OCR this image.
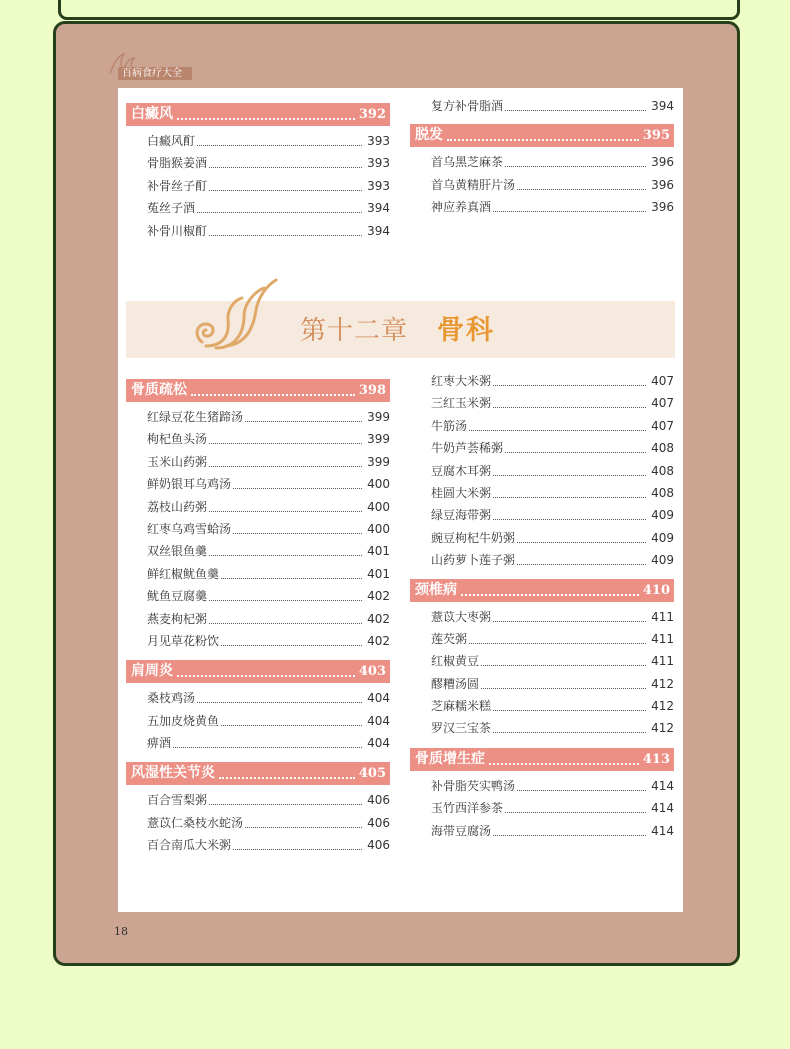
百病食疗大全
第十二章 骨科
白癜风	392
白癜风酊	393
骨脂猴姜酒	393
补骨丝子酊	393
菟丝子酒	394
补骨川椒酊	394
复方补骨脂酒	394
脱发	395
首乌黑芝麻茶	396
首乌黄精肝片汤	396
神应养真酒	396
骨质疏松	398
红绿豆花生猪蹄汤	399
枸杞鱼头汤	399
玉米山药粥	399
鲜奶银耳乌鸡汤	400
荔枝山药粥	400
红枣乌鸡雪蛤汤	400
双丝银鱼羹	401
鲜红椒鱿鱼羹	401
鱿鱼豆腐羹	402
燕麦枸杞粥	402
月见草花粉饮	402
肩周炎	403
桑枝鸡汤	404
五加皮烧黄鱼	404
痹酒	404
风湿性关节炎	405
百合雪梨粥	406
薏苡仁桑枝水蛇汤	406
百合南瓜大米粥	406
红枣大米粥	407
三红玉米粥	407
牛筋汤	407
牛奶芦荟稀粥	408
豆腐木耳粥	408
桂圆大米粥	408
绿豆海带粥	409
豌豆枸杞牛奶粥	409
山药萝卜莲子粥	409
颈椎病	410
薏苡大枣粥	411
莲芡粥	411
红椒黄豆	411
醪糟汤圆	412
芝麻糯米糕	412
罗汉三宝茶	412
骨质增生症	413
补骨脂芡实鸭汤	414
玉竹西洋参茶	414
海带豆腐汤	414
18
